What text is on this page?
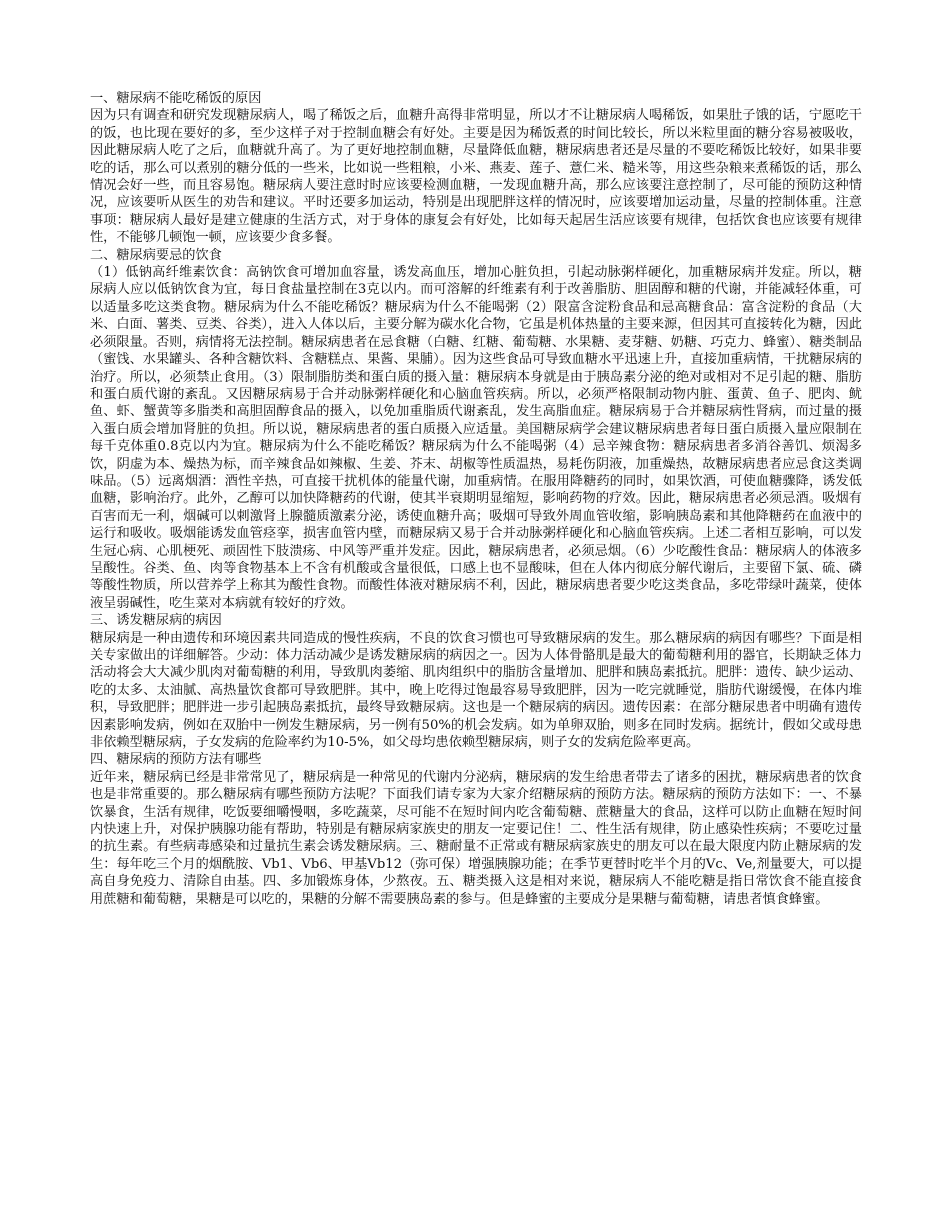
一、糖尿病不能吃稀饭的原因

因为只有调查和研究发现糖尿病人，喝了稀饭之后，血糖升高得非常明显，所以才不让糖尿病人喝稀饭，如果肚子饿的话，宁愿吃干的饭，也比现在要好的多，至少这样子对于控制血糖会有好处。主要是因为稀饭煮的时间比较长，所以米粒里面的糖分容易被吸收，因此糖尿病人吃了之后，血糖就升高了。为了更好地控制血糖，尽量降低血糖，糖尿病患者还是尽量的不要吃稀饭比较好，如果非要吃的话，那么可以煮别的糖分低的一些米，比如说一些粗粮，小米、燕麦、莲子、薏仁米、糙米等，用这些杂粮来煮稀饭的话，那么情况会好一些，而且容易饱。糖尿病人要注意时时应该要检测血糖，一发现血糖升高，那么应该要注意控制了，尽可能的预防这种情况，应该要听从医生的劝告和建议。平时还要多加运动，特别是出现肥胖这样的情况时，应该要增加运动量，尽量的控制体重。注意事项：糖尿病人最好是建立健康的生活方式，对于身体的康复会有好处，比如每天起居生活应该要有规律，包括饮食也应该要有规律性，不能够几顿饱一顿，应该要少食多餐。

二、糖尿病要忌的饮食

（1）低钠高纤维素饮食：高钠饮食可增加血容量，诱发高血压，增加心脏负担，引起动脉粥样硬化，加重糖尿病并发症。所以，糖尿病人应以低钠饮食为宜，每日食盐量控制在3克以内。而可溶解的纤维素有利于改善脂肪、胆固醇和糖的代谢，并能减轻体重，可以适量多吃这类食物。糖尿病为什么不能吃稀饭？糖尿病为什么不能喝粥（2）限富含淀粉食品和忌高糖食品：富含淀粉的食品（大米、白面、薯类、豆类、谷类），进入人体以后，主要分解为碳水化合物，它虽是机体热量的主要来源，但因其可直接转化为糖，因此必须限量。否则，病情将无法控制。糖尿病患者在忌食糖（白糖、红糖、葡萄糖、水果糖、麦芽糖、奶糖、巧克力、蜂蜜）、糖类制品（蜜饯、水果罐头、各种含糖饮料、含糖糕点、果酱、果脯）。因为这些食品可导致血糖水平迅速上升，直接加重病情，干扰糖尿病的治疗。所以，必须禁止食用。（3）限制脂肪类和蛋白质的摄入量：糖尿病本身就是由于胰岛素分泌的绝对或相对不足引起的糖、脂肪和蛋白质代谢的紊乱。又因糖尿病易于合并动脉粥样硬化和心脑血管疾病。所以，必须严格限制动物内脏、蛋黄、鱼子、肥肉、鱿鱼、虾、蟹黄等多脂类和高胆固醇食品的摄入，以免加重脂质代谢紊乱，发生高脂血症。糖尿病易于合并糖尿病性肾病，而过量的摄入蛋白质会增加肾脏的负担。所以说，糖尿病患者的蛋白质摄入应适量。美国糖尿病学会建议糖尿病患者每日蛋白质摄入量应限制在每千克体重0.8克以内为宜。糖尿病为什么不能吃稀饭？糖尿病为什么不能喝粥（4）忌辛辣食物：糖尿病患者多消谷善饥、烦渴多饮，阴虚为本、燥热为标，而辛辣食品如辣椒、生姜、芥末、胡椒等性质温热，易耗伤阴液，加重燥热，故糖尿病患者应忌食这类调味品。（5）远离烟酒：酒性辛热，可直接干扰机体的能量代谢，加重病情。在服用降糖药的同时，如果饮酒，可使血糖骤降，诱发低血糖，影响治疗。此外，乙醇可以加快降糖药的代谢，使其半衰期明显缩短，影响药物的疗效。因此，糖尿病患者必须忌酒。吸烟有百害而无一利，烟碱可以刺激肾上腺髓质激素分泌，诱使血糖升高；吸烟可导致外周血管收缩，影响胰岛素和其他降糖药在血液中的运行和吸收。吸烟能诱发血管痉挛，损害血管内壁，而糖尿病又易于合并动脉粥样硬化和心脑血管疾病。上述二者相互影响，可以发生冠心病、心肌梗死、顽固性下肢溃疡、中风等严重并发症。因此，糖尿病患者，必须忌烟。（6）少吃酸性食品：糖尿病人的体液多呈酸性。谷类、鱼、肉等食物基本上不含有机酸或含量很低，口感上也不显酸味，但在人体内彻底分解代谢后，主要留下氯、硫、磷等酸性物质，所以营养学上称其为酸性食物。而酸性体液对糖尿病不利，因此，糖尿病患者要少吃这类食品，多吃带绿叶蔬菜，使体液呈弱碱性，吃生菜对本病就有较好的疗效。

三、诱发糖尿病的病因

糖尿病是一种由遗传和环境因素共同造成的慢性疾病，不良的饮食习惯也可导致糖尿病的发生。那么糖尿病的病因有哪些？下面是相关专家做出的详细解答。少动：体力活动减少是诱发糖尿病的病因之一。因为人体骨骼肌是最大的葡萄糖利用的器官，长期缺乏体力活动将会大大减少肌肉对葡萄糖的利用，导致肌肉萎缩、肌肉组织中的脂肪含量增加、肥胖和胰岛素抵抗。肥胖：遗传、缺少运动、吃的太多、太油腻、高热量饮食都可导致肥胖。其中，晚上吃得过饱最容易导致肥胖，因为一吃完就睡觉，脂肪代谢缓慢，在体内堆积，导致肥胖；肥胖进一步引起胰岛素抵抗，最终导致糖尿病。这也是一个糖尿病的病因。遗传因素：在部分糖尿患者中明确有遗传因素影响发病，例如在双胎中一例发生糖尿病，另一例有50%的机会发病。如为单卵双胎，则多在同时发病。据统计，假如父或母患非依赖型糖尿病，子女发病的危险率约为10-5%，如父母均患依赖型糖尿病，则子女的发病危险率更高。

四、糖尿病的预防方法有哪些

近年来，糖尿病已经是非常常见了，糖尿病是一种常见的代谢内分泌病，糖尿病的发生给患者带去了诸多的困扰，糖尿病患者的饮食也是非常重要的。那么糖尿病有哪些预防方法呢？下面我们请专家为大家介绍糖尿病的预防方法。糖尿病的预防方法如下：一、不暴饮暴食，生活有规律，吃饭要细嚼慢咽，多吃蔬菜，尽可能不在短时间内吃含葡萄糖、蔗糖量大的食品，这样可以防止血糖在短时间内快速上升，对保护胰腺功能有帮助，特别是有糖尿病家族史的朋友一定要记住！二、性生活有规律，防止感染性疾病；不要吃过量的抗生素。有些病毒感染和过量抗生素会诱发糖尿病。三、糖耐量不正常或有糖尿病家族史的朋友可以在最大限度内防止糖尿病的发生：每年吃三个月的烟酰胺、Vb1、Vb6、甲基Vb12（弥可保）增强胰腺功能；在季节更替时吃半个月的Vc、Ve,剂量要大，可以提高自身免疫力、清除自由基。四、多加锻炼身体，少熬夜。五、糖类摄入这是相对来说，糖尿病人不能吃糖是指日常饮食不能直接食用蔗糖和葡萄糖，果糖是可以吃的，果糖的分解不需要胰岛素的参与。但是蜂蜜的主要成分是果糖与葡萄糖，请患者慎食蜂蜜。
